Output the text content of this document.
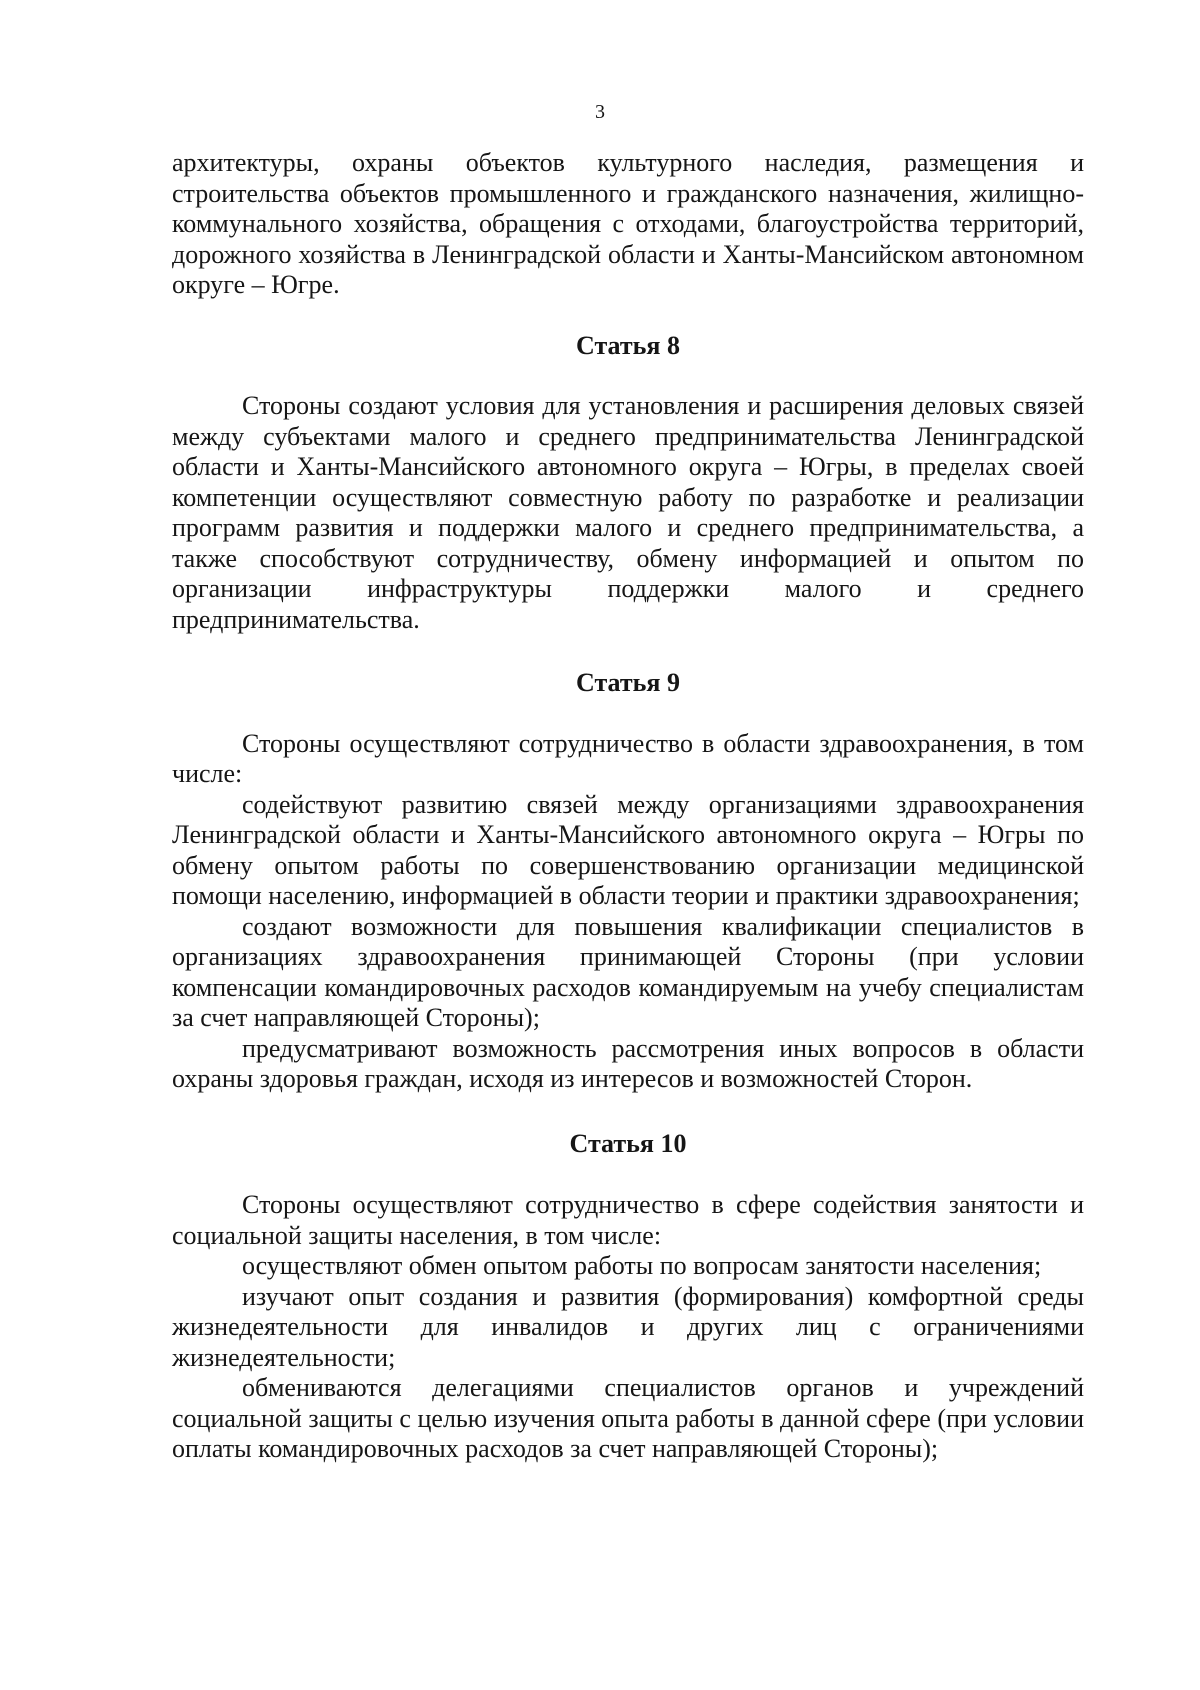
3

архитектуры, охраны объектов культурного наследия, размещения и строительства объектов промышленного и гражданского назначения, жилищно-коммунального хозяйства, обращения с отходами, благоустройства территорий, дорожного хозяйства в Ленинградской области и Ханты-Мансийском автономном округе – Югре.

Статья 8

Стороны создают условия для установления и расширения деловых связей между субъектами малого и среднего предпринимательства Ленинградской области и Ханты-Мансийского автономного округа – Югры, в пределах своей компетенции осуществляют совместную работу по разработке и реализации программ развития и поддержки малого и среднего предпринимательства, а также способствуют сотрудничеству, обмену информацией и опытом по организации инфраструктуры поддержки малого и среднего предпринимательства.

Статья 9

Стороны осуществляют сотрудничество в области здравоохранения, в том числе:

содействуют развитию связей между организациями здравоохранения Ленинградской области и Ханты-Мансийского автономного округа – Югры по обмену опытом работы по совершенствованию организации медицинской помощи населению, информацией в области теории и практики здравоохранения;

создают возможности для повышения квалификации специалистов в организациях здравоохранения принимающей Стороны (при условии компенсации командировочных расходов командируемым на учебу специалистам за счет направляющей Стороны);

предусматривают возможность рассмотрения иных вопросов в области охраны здоровья граждан, исходя из интересов и возможностей Сторон.

Статья 10

Стороны осуществляют сотрудничество в сфере содействия занятости и социальной защиты населения, в том числе:

осуществляют обмен опытом работы по вопросам занятости населения;

изучают опыт создания и развития (формирования) комфортной среды жизнедеятельности для инвалидов и других лиц с ограничениями жизнедеятельности;

обмениваются делегациями специалистов органов и учреждений социальной защиты с целью изучения опыта работы в данной сфере (при условии оплаты командировочных расходов за счет направляющей Стороны);
